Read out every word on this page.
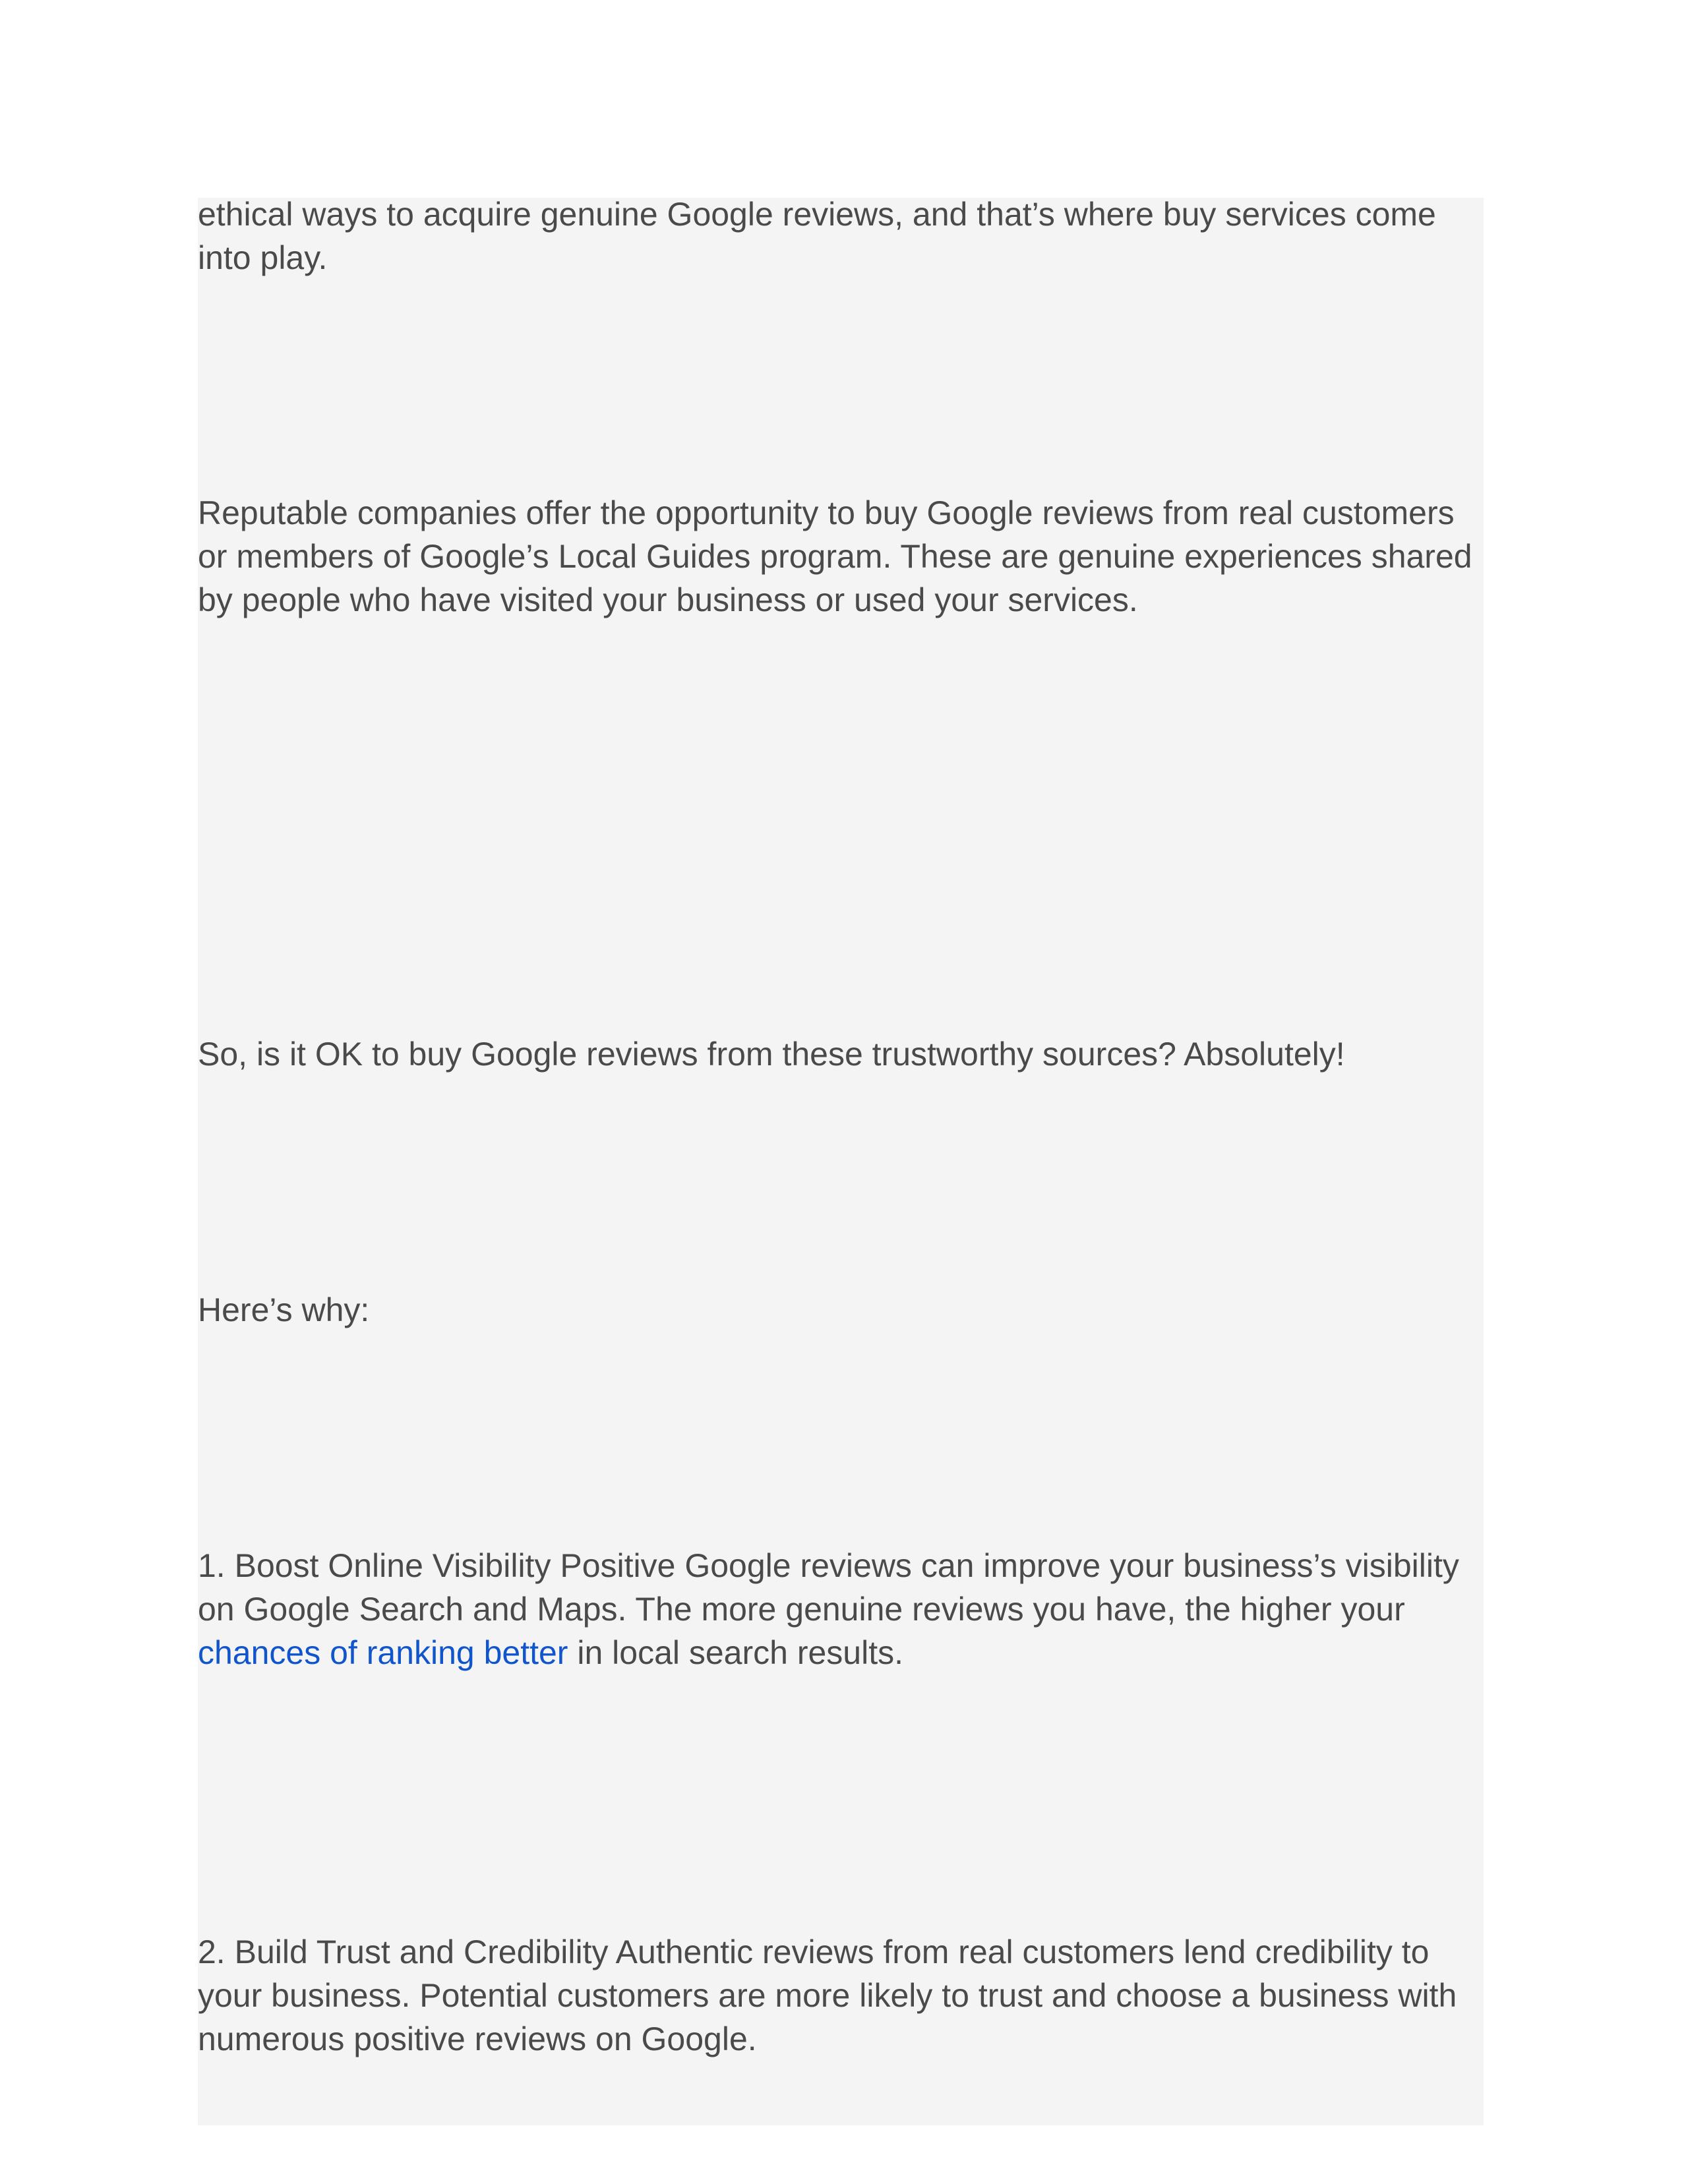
ethical ways to acquire genuine Google reviews, and that’s where buy services come into play.

Reputable companies offer the opportunity to buy Google reviews from real customers or members of Google’s Local Guides program. These are genuine experiences shared by people who have visited your business or used your services.

So, is it OK to buy Google reviews from these trustworthy sources? Absolutely!

Here’s why:

1. Boost Online Visibility Positive Google reviews can improve your business’s visibility on Google Search and Maps. The more genuine reviews you have, the higher your chances of ranking better in local search results.
2. Build Trust and Credibility Authentic reviews from real customers lend credibility to your business. Potential customers are more likely to trust and choose a business with numerous positive reviews on Google.
